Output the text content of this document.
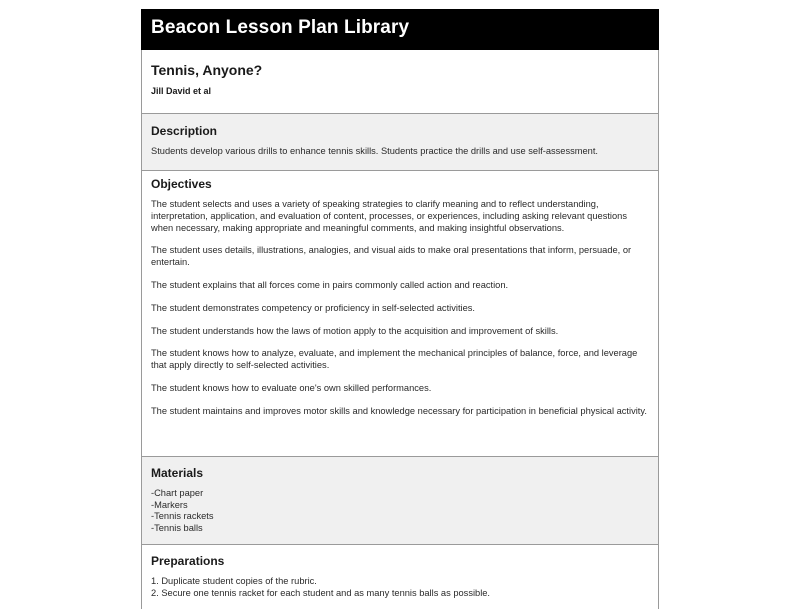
Beacon Lesson Plan Library
Tennis, Anyone?
Jill David et al
Description

Students develop various drills to enhance tennis skills. Students practice the drills and use self-assessment.

Objectives

The student selects and uses a variety of speaking strategies to clarify meaning and to reflect understanding, interpretation, application, and evaluation of content, processes, or experiences, including asking relevant questions when necessary, making appropriate and meaningful comments, and making insightful observations.

The student uses details, illustrations, analogies, and visual aids to make oral presentations that inform, persuade, or entertain.

The student explains that all forces come in pairs commonly called action and reaction.

The student demonstrates competency or proficiency in self-selected activities.

The student understands how the laws of motion apply to the acquisition and improvement of skills.

The student knows how to analyze, evaluate, and implement the mechanical principles of balance, force, and leverage that apply directly to self-selected activities.

The student knows how to evaluate one's own skilled performances.

The student maintains and improves motor skills and knowledge necessary for participation in beneficial physical activity.

Materials
-Chart paper
-Markers
-Tennis rackets
-Tennis balls
Preparations
1. Duplicate student copies of the rubric.
2. Secure one tennis racket for each student and as many tennis balls as possible.
